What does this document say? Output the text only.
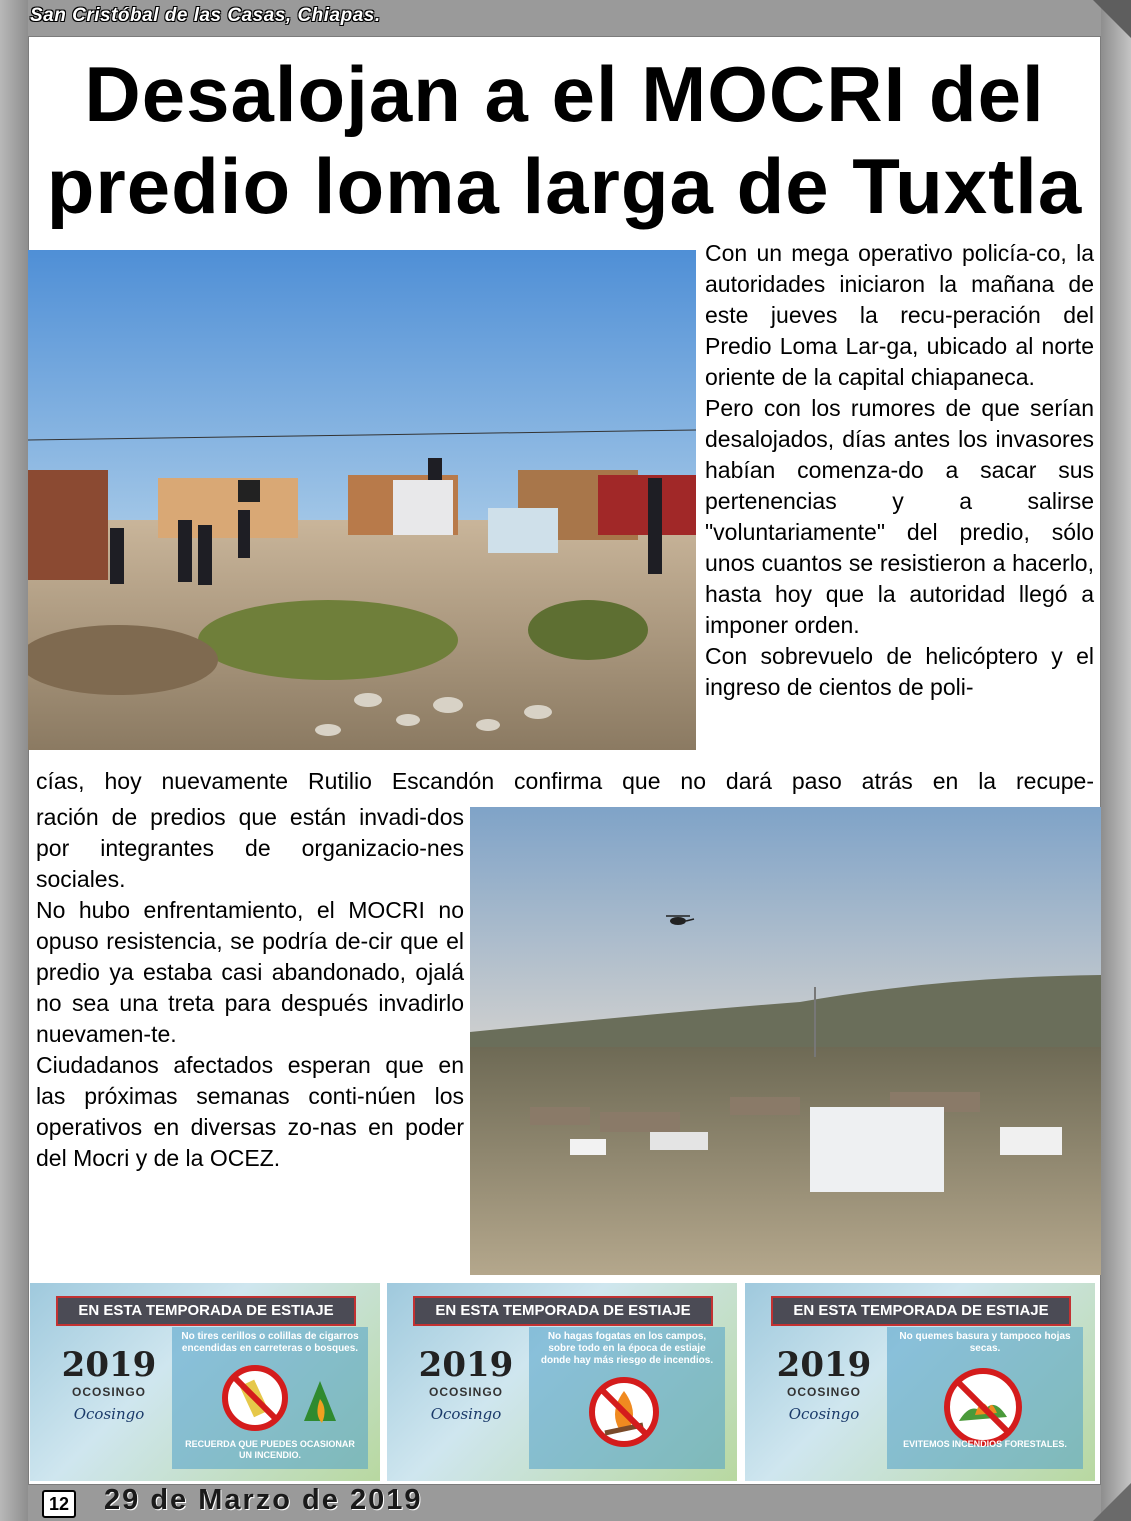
San Cristóbal de las Casas, Chiapas.
Desalojan a el MOCRI del
predio loma larga de Tuxtla

Con un mega operativo policía-co, la autoridades iniciaron la mañana de este jueves la recu-peración del Predio Loma Lar-ga, ubicado al norte oriente de la capital chiapaneca.

Pero con los rumores de que serían desalojados, días antes los invasores habían comenza-do a sacar sus pertenencias y a salirse "voluntariamente" del predio, sólo unos cuantos se resistieron a hacerlo, hasta hoy que la autoridad llegó a imponer orden.

Con sobrevuelo de helicóptero y el ingreso de cientos de poli-

cías, hoy nuevamente Rutilio Escandón confirma que no dará paso atrás en la recupe-

ración de predios que están invadi-dos por integrantes de organizacio-nes sociales.

No hubo enfrentamiento, el MOCRI no opuso resistencia, se podría de-cir que el predio ya estaba casi abandonado, ojalá no sea una treta para después invadirlo nuevamen-te.

Ciudadanos afectados esperan que en las próximas semanas conti-núen los operativos en diversas zo-nas en poder del Mocri y de la OCEZ.

EN ESTA TEMPORADA DE ESTIAJE
2019
OCOSINGO
Ocosingo
No tires cerillos o colillas de cigarros encendidas en carreteras o bosques.
RECUERDA QUE PUEDES OCASIONAR UN INCENDIO.
EN ESTA TEMPORADA DE ESTIAJE
2019
OCOSINGO
Ocosingo
No hagas fogatas en los campos, sobre todo en la época de estiaje donde hay más riesgo de incendios.
EN ESTA TEMPORADA DE ESTIAJE
2019
OCOSINGO
Ocosingo
No quemes basura y tampoco hojas secas.
EVITEMOS INCENDIOS FORESTALES.
12 29 de Marzo de 2019
